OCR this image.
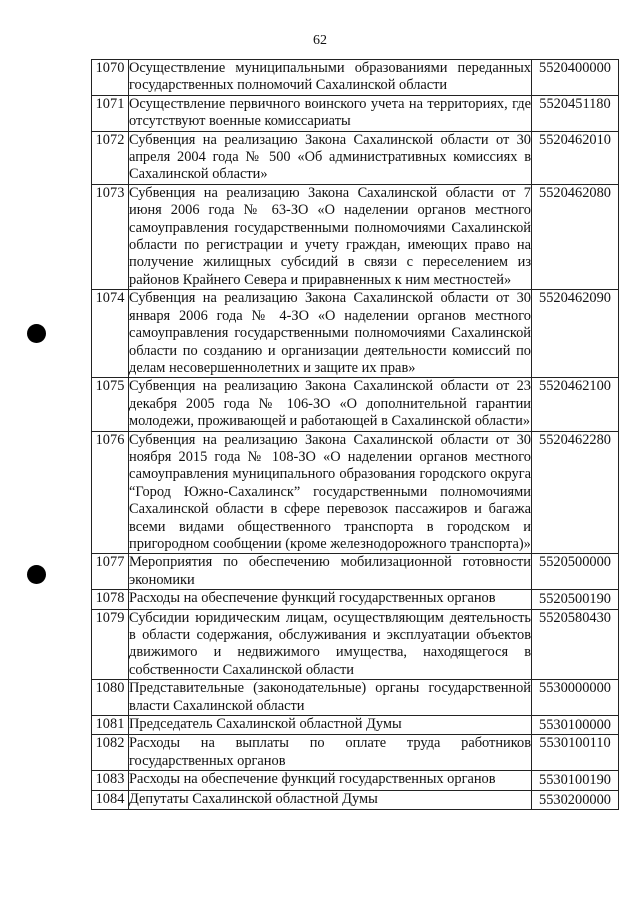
62
1070	Осуществление муниципальными образованиями переданных государственных полномочий Сахалинской области	5520400000
1071	Осуществление первичного воинского учета на территориях, где отсутствуют военные комиссариаты	5520451180
1072	Субвенция на реализацию Закона Сахалинской области от 30 апреля 2004 года № 500 «Об административных комиссиях в Сахалинской области»	5520462010
1073	Субвенция на реализацию Закона Сахалинской области от 7 июня 2006 года № 63-ЗО «О наделении органов местного самоуправления государственными полномочиями Сахалинской области по регистрации и учету граждан, имеющих право на получение жилищных субсидий в связи с переселением из районов Крайнего Севера и приравненных к ним местностей»	5520462080
1074	Субвенция на реализацию Закона Сахалинской области от 30 января 2006 года № 4-ЗО «О наделении органов местного самоуправления государственными полномочиями Сахалинской области по созданию и организации деятельности комиссий по делам несовершеннолетних и защите их прав»	5520462090
1075	Субвенция на реализацию Закона Сахалинской области от 23 декабря 2005 года № 106-ЗО «О дополнительной гарантии молодежи, проживающей и работающей в Сахалинской области»	5520462100
1076	Субвенция на реализацию Закона Сахалинской области от 30 ноября 2015 года № 108-ЗО «О наделении органов местного самоуправления муниципального образования городского округа “Город Южно-Сахалинск” государственными полномочиями Сахалинской области в сфере перевозок пассажиров и багажа всеми видами общественного транспорта в городском и пригородном сообщении (кроме железнодорожного транспорта)»	5520462280
1077	Мероприятия по обеспечению мобилизационной готовности экономики	5520500000
1078	Расходы на обеспечение функций государственных органов	5520500190
1079	Субсидии юридическим лицам, осуществляющим деятельность в области содержания, обслуживания и эксплуатации объектов движимого и недвижимого имущества, находящегося в собственности Сахалинской области	5520580430
1080	Представительные (законодательные) органы государственной власти Сахалинской области	5530000000
1081	Председатель Сахалинской областной Думы	5530100000
1082	Расходы на выплаты по оплате труда работников государственных органов	5530100110
1083	Расходы на обеспечение функций государственных органов	5530100190
1084	Депутаты Сахалинской областной Думы	5530200000
